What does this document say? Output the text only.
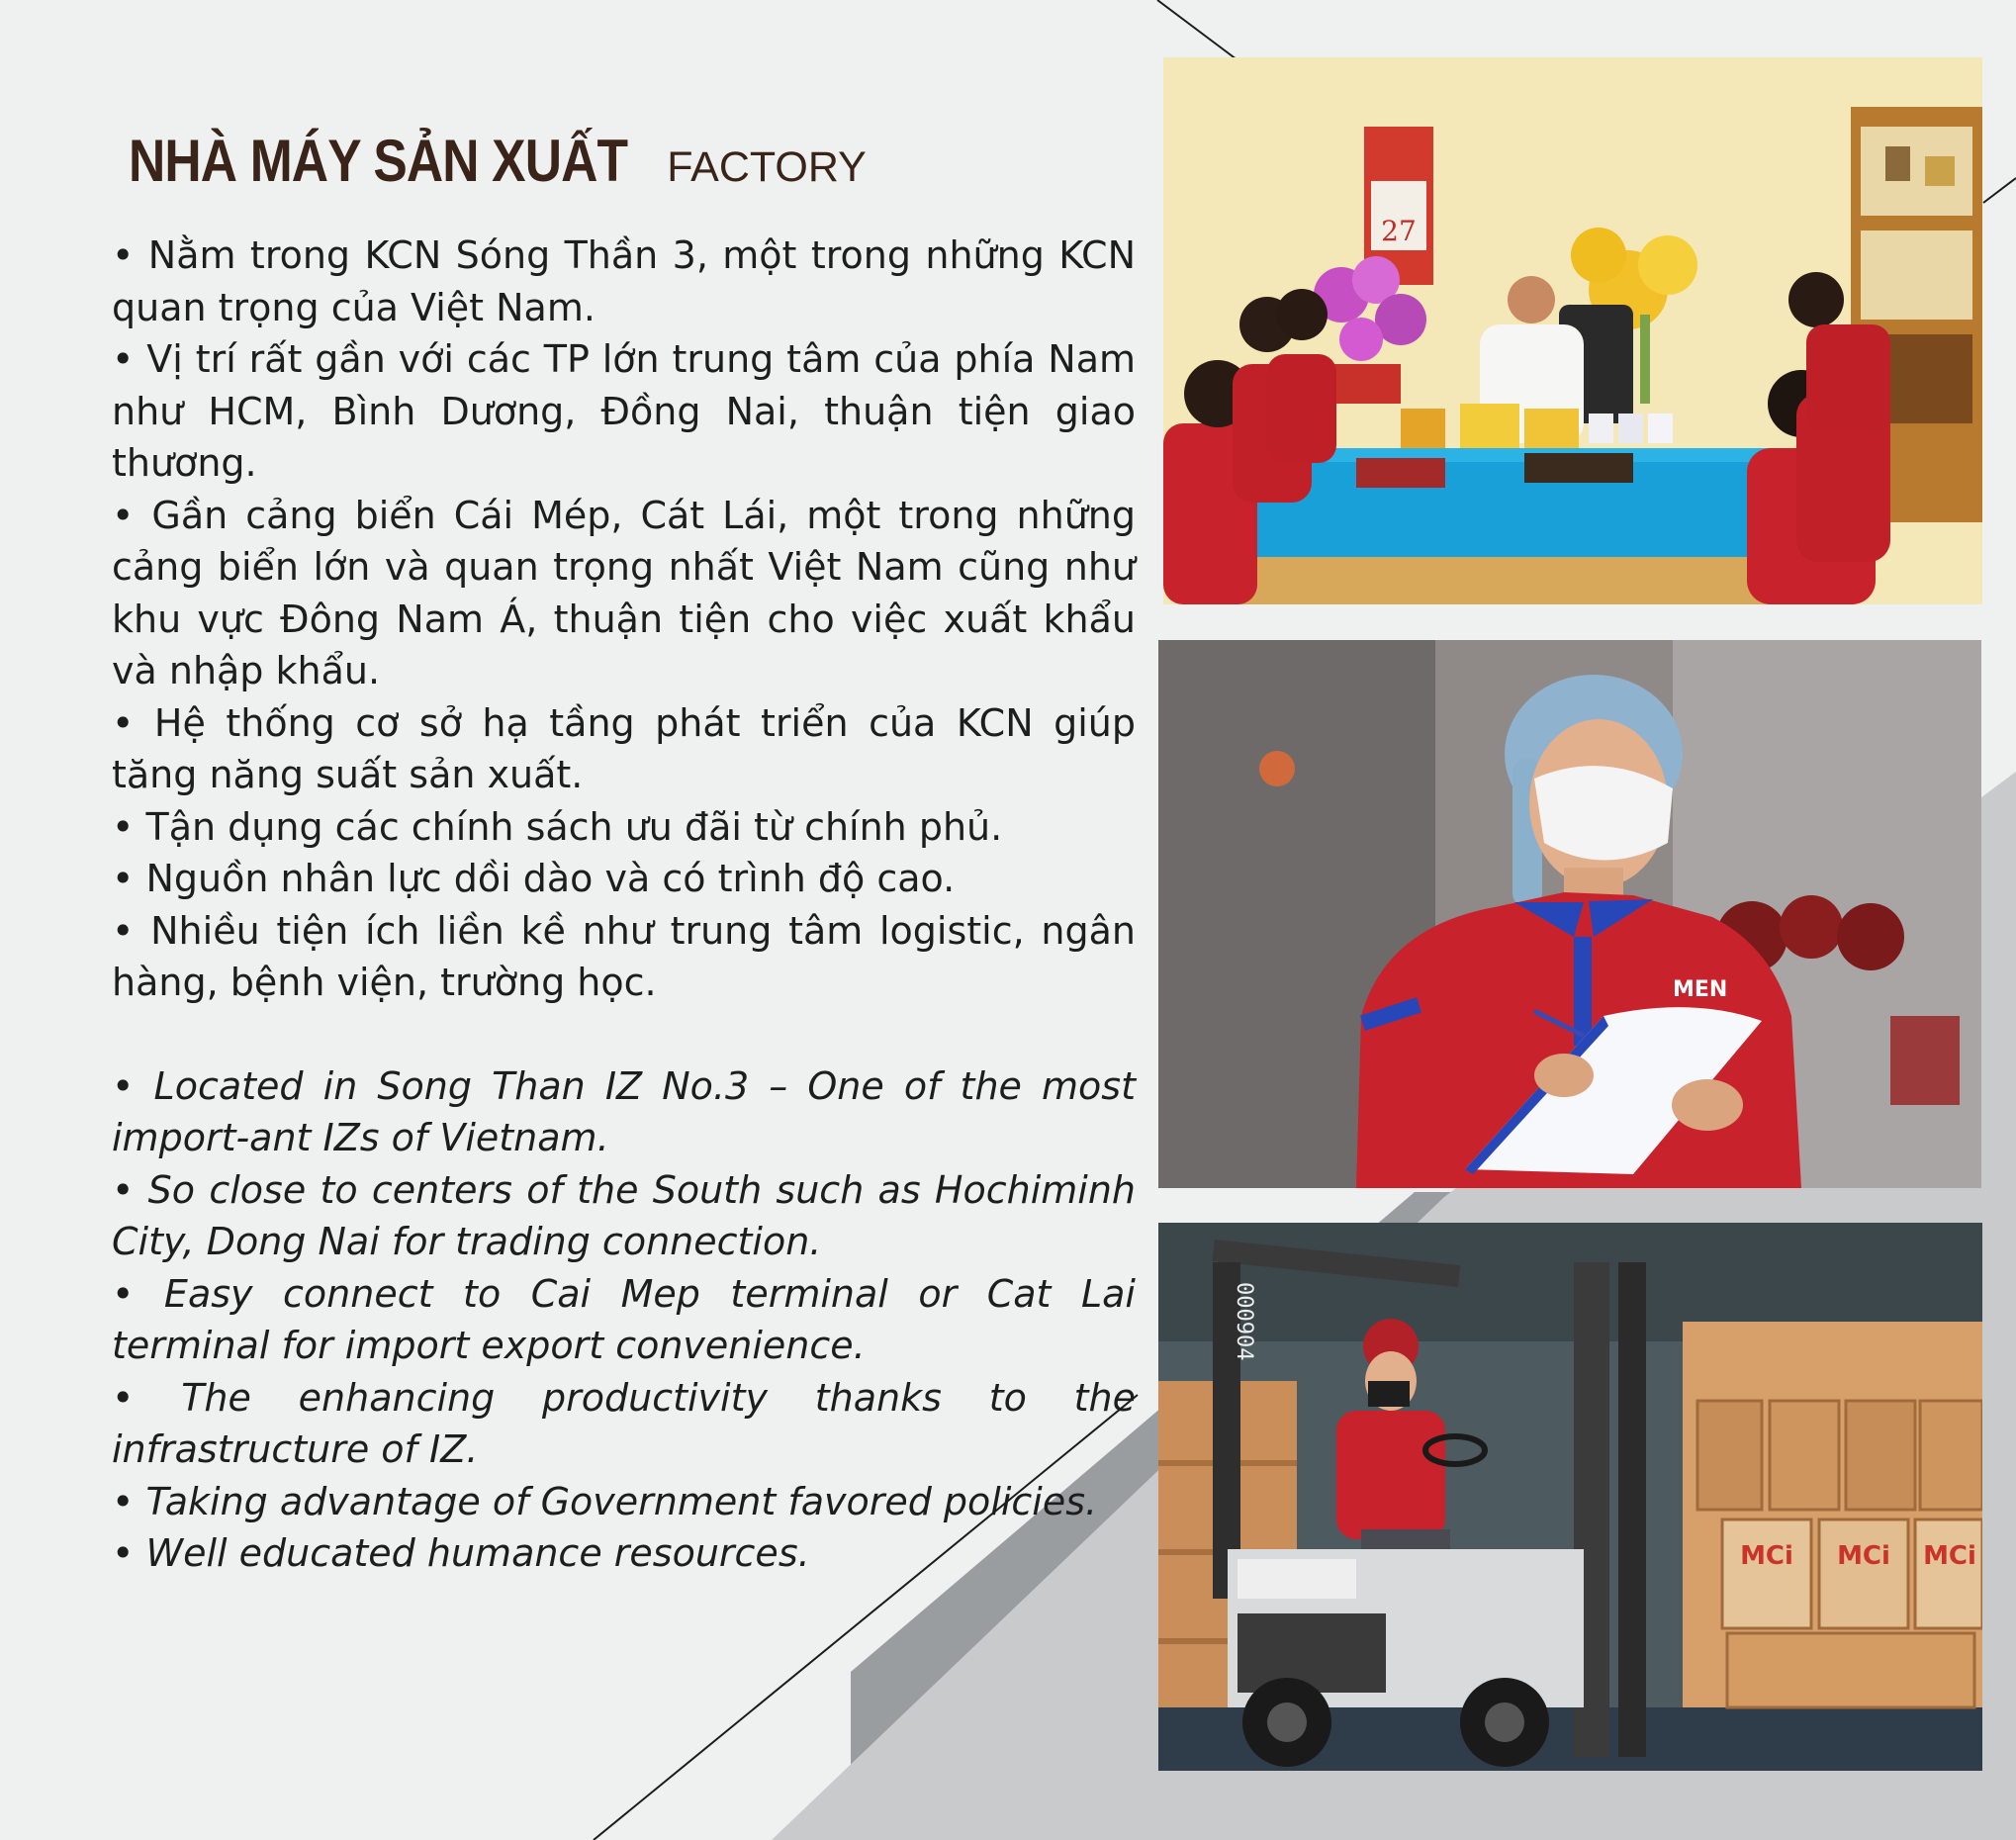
NHÀ MÁY SẢN XUẤT FACTORY

• Nằm trong KCN Sóng Thần 3, một trong những KCN quan trọng của Việt Nam.

• Vị trí rất gần với các TP lớn trung tâm của phía Nam như HCM, Bình Dương, Đồng Nai, thuận tiện giao thương.

• Gần cảng biển Cái Mép, Cát Lái, một trong những cảng biển lớn và quan trọng nhất Việt Nam cũng như khu vực Đông Nam Á, thuận tiện cho việc xuất khẩu và nhập khẩu.

• Hệ thống cơ sở hạ tầng phát triển của KCN giúp tăng năng suất sản xuất.

• Tận dụng các chính sách ưu đãi từ chính phủ.

• Nguồn nhân lực dồi dào và có trình độ cao.

• Nhiều tiện ích liền kề như trung tâm logistic, ngân hàng, bệnh viện, trường học.

• Located in Song Than IZ No.3 – One of the most import-ant IZs of Vietnam.

• So close to centers of the South such as Hochiminh City, Dong Nai for trading connection.

• Easy connect to Cai Mep terminal or Cat Lai terminal for import export convenience.

• The enhancing productivity thanks to the infrastructure of IZ.

• Taking advantage of Government favored policies.

• Well educated humance resources.

27
MEN
MCi MCi MCi
000904
